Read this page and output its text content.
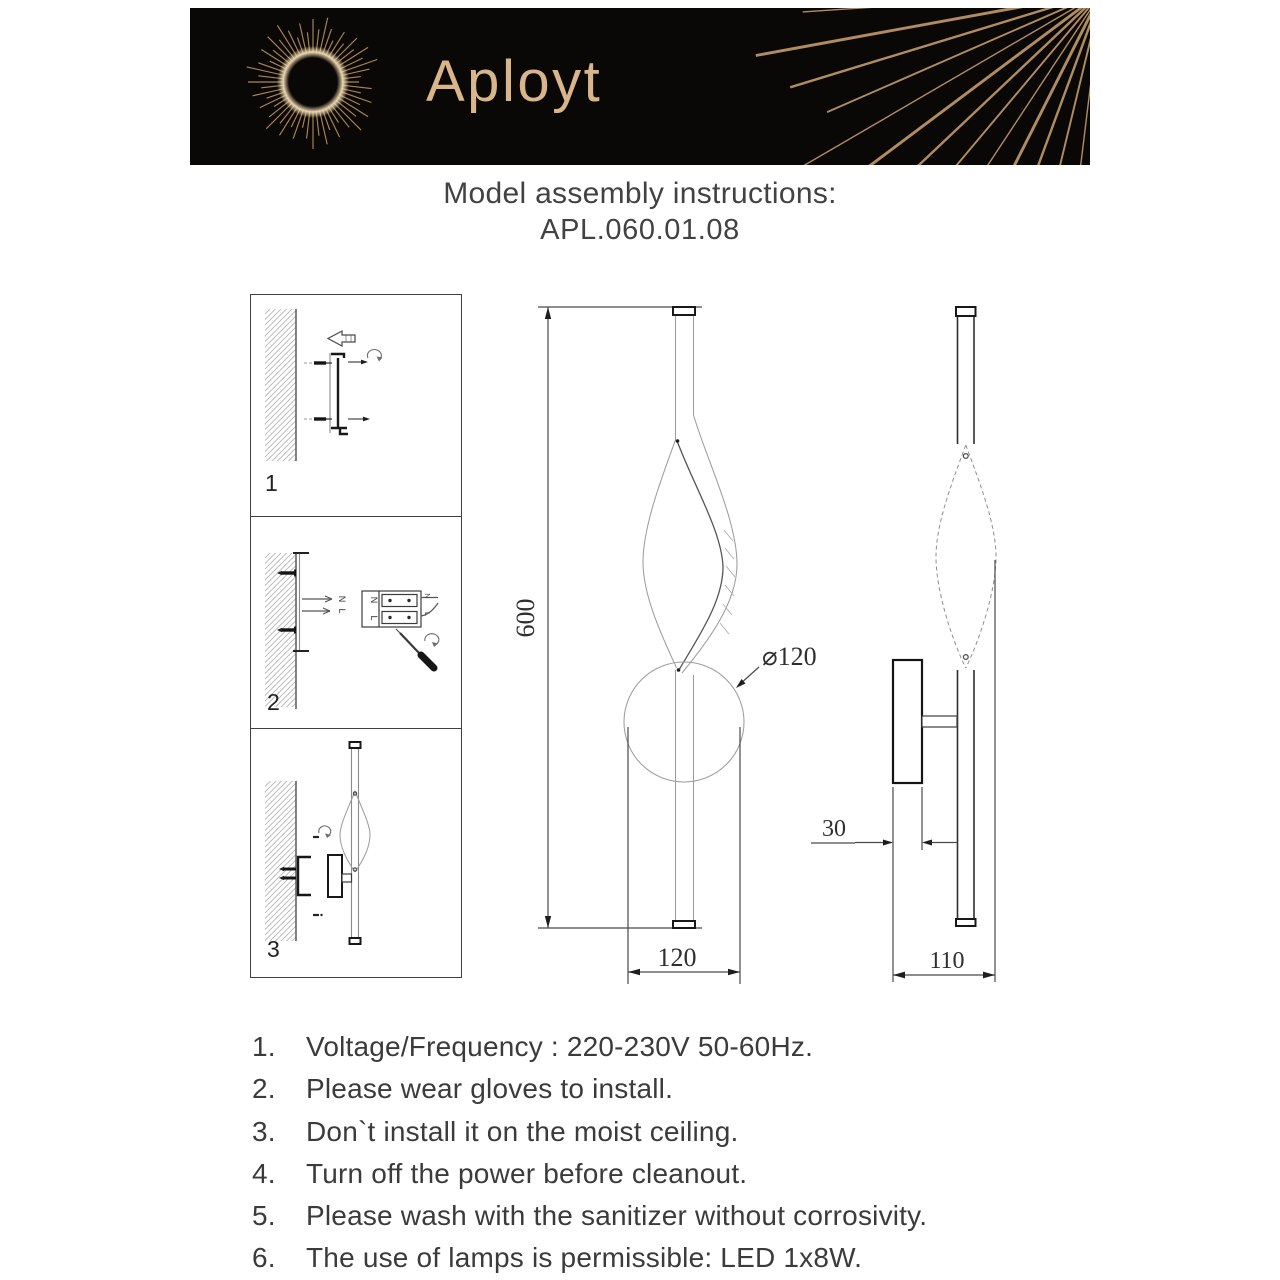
Aployt
Model assembly instructions:
APL.060.01.08
1
N
L
N
L
N
L
2
3
600
⌀120
120
30
110
1.	Voltage/Frequency : 220-230V 50-60Hz.
2.	Please wear gloves to install.
3.	Don`t install it on the moist ceiling.
4.	Turn off the power before cleanout.
5.	Please wash with the sanitizer without corrosivity.
6.	The use of lamps is permissible: LED 1x8W.
